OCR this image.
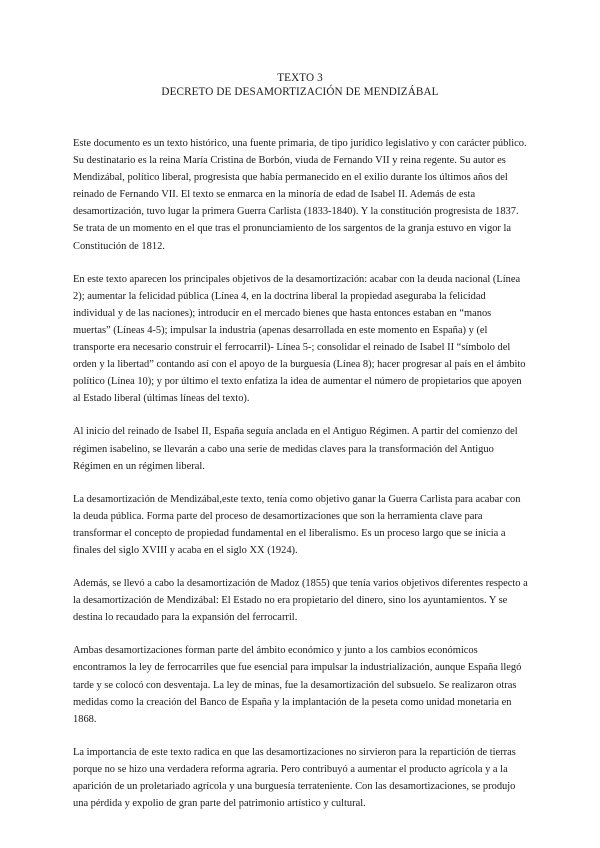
TEXTO 3
DECRETO DE DESAMORTIZACIÓN DE MENDIZÁBAL

Este documento es un texto histórico, una fuente primaria, de tipo jurídico legislativo y con carácter público. Su destinatario es la reina María Cristina de Borbón, viuda de Fernando VII y reina regente. Su autor es Mendizábal, político liberal, progresista que había permanecido en el exilio durante los últimos años del reinado de Fernando VII. El texto se enmarca en la minoría de edad de Isabel II. Además de esta desamortización, tuvo lugar la primera Guerra Carlista (1833-1840). Y la constitución progresista de 1837. Se trata de un momento en el que tras el pronunciamiento de los sargentos de la granja estuvo en vigor la Constitución de 1812.

En este texto aparecen los principales objetivos de la desamortización: acabar con la deuda nacional (Línea 2); aumentar la felicidad pública (Línea 4, en la doctrina liberal la propiedad aseguraba la felicidad individual y de las naciones); introducir en el mercado bienes que hasta entonces estaban en “manos muertas” (Líneas 4-5); impulsar la industria (apenas desarrollada en este momento en España) y (el transporte era necesario construir el ferrocarril)- Línea 5-; consolidar el reinado de Isabel II “símbolo del orden y la libertad” contando así con el apoyo de la burguesía (Línea 8); hacer progresar al país en el ámbito político (Línea 10); y por último el texto enfatiza la idea de aumentar el número de propietarios que apoyen al Estado liberal (últimas líneas del texto).

Al inicio del reinado de Isabel II, España seguía anclada en el Antiguo Régimen. A partir del comienzo del régimen isabelino, se llevarán a cabo una serie de medidas claves para la transformación del Antiguo Régimen en un régimen liberal.

La desamortización de Mendizábal,este texto, tenía como objetivo ganar la Guerra Carlista para acabar con la deuda pública. Forma parte del proceso de desamortizaciones que son la herramienta clave para transformar el concepto de propiedad fundamental en el liberalismo. Es un proceso largo que se inicia a finales del siglo XVIII y acaba en el siglo XX (1924).

Además, se llevó a cabo la desamortización de Madoz (1855) que tenía varios objetivos diferentes respecto a la desamortización de Mendizábal: El Estado no era propietario del dinero, sino los ayuntamientos. Y se destina lo recaudado para la expansión del ferrocarril.

Ambas desamortizaciones forman parte del ámbito económico y junto a los cambios económicos encontramos la ley de ferrocarriles que fue esencial para impulsar la industrialización, aunque España llegó tarde y se colocó con desventaja. La ley de minas, fue la desamortización del subsuelo. Se realizaron otras medidas como la creación del Banco de España y la implantación de la peseta como unidad monetaria en 1868.

La importancia de este texto radica en que las desamortizaciones no sirvieron para la repartición de tierras porque no se hizo una verdadera reforma agraria. Pero contribuyó a aumentar el producto agrícola y a la aparición de un proletariado agrícola y una burguesía terrateniente. Con las desamortizaciones, se produjo una pérdida y expolio de gran parte del patrimonio artístico y cultural.
